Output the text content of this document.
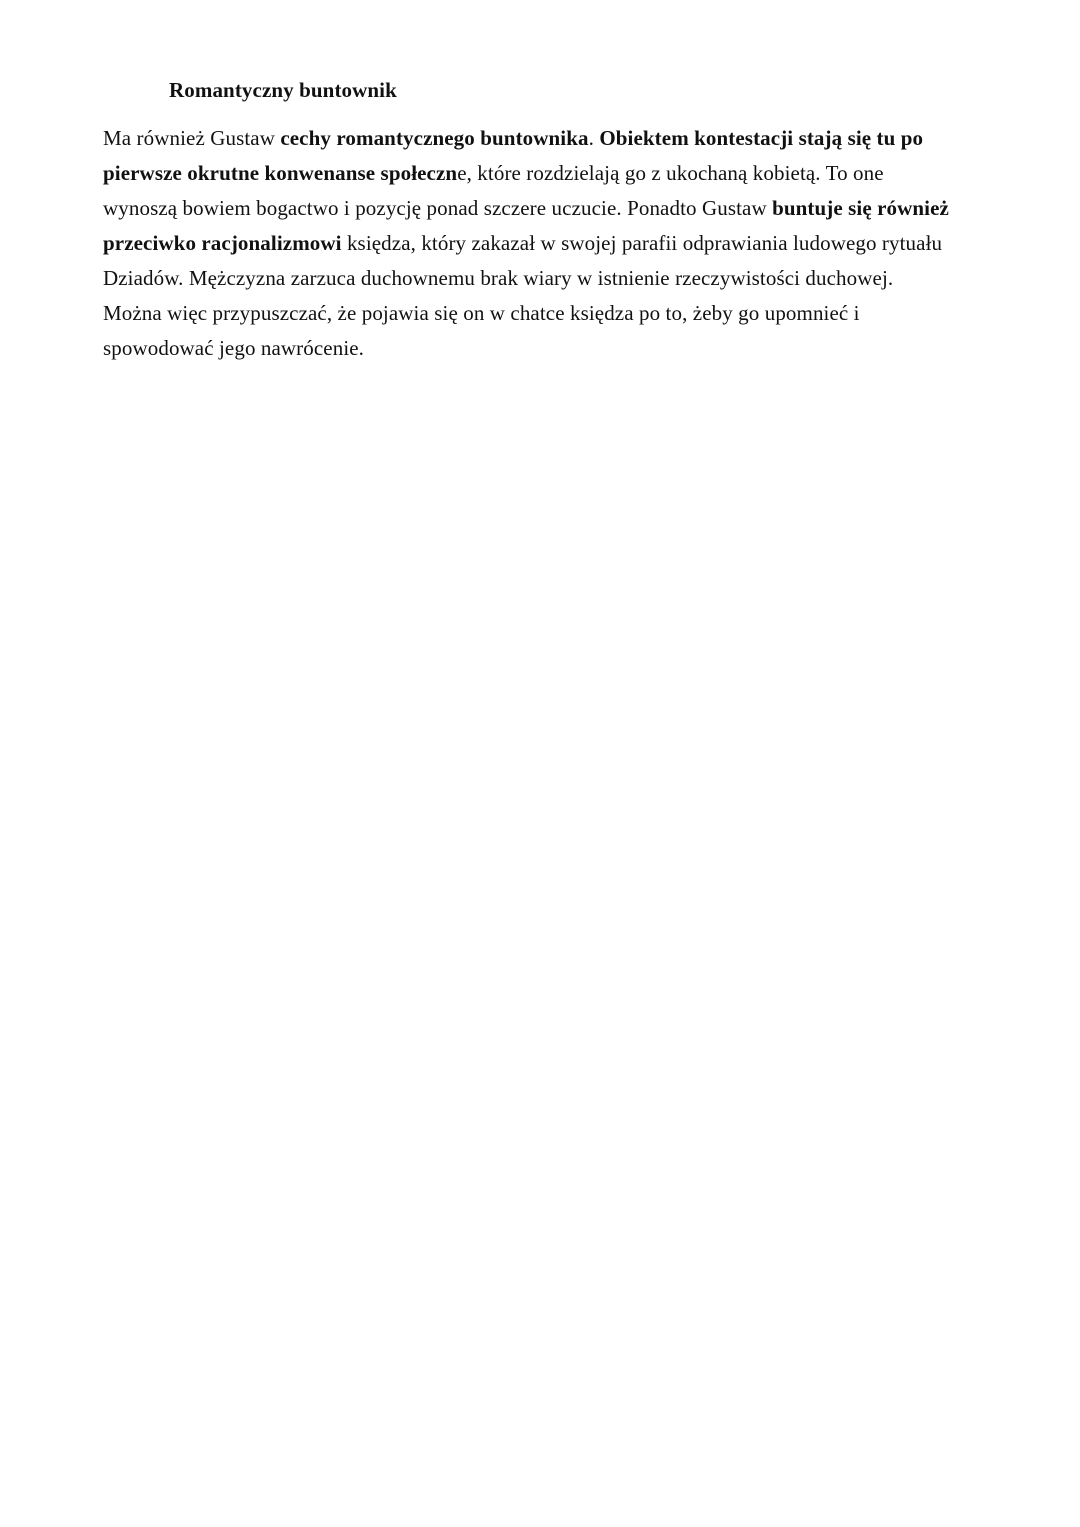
Romantyczny buntownik

Ma również Gustaw cechy romantycznego buntownika. Obiektem kontestacji stają się tu po
pierwsze okrutne konwenanse społeczne, które rozdzielają go z ukochaną kobietą. To one
wynoszą bowiem bogactwo i pozycję ponad szczere uczucie. Ponadto Gustaw buntuje się również
przeciwko racjonalizmowi księdza, który zakazał w swojej parafii odprawiania ludowego rytuału
Dziadów. Mężczyzna zarzuca duchownemu brak wiary w istnienie rzeczywistości duchowej.
Można więc przypuszczać, że pojawia się on w chatce księdza po to, żeby go upomnieć i
spowodować jego nawrócenie.
